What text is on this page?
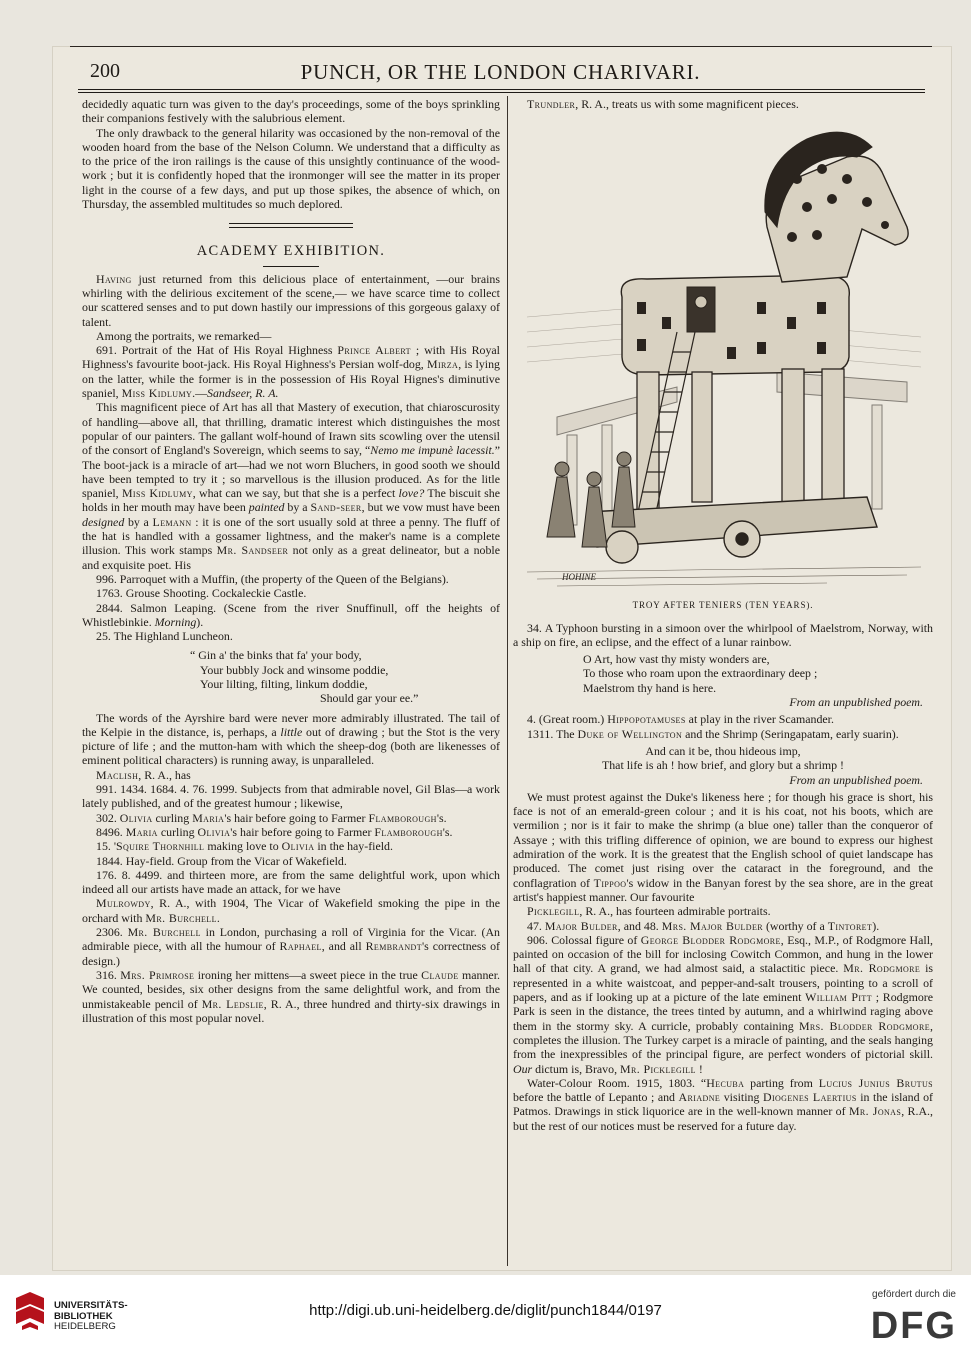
200	PUNCH, OR THE LONDON CHARIVARI.

decidedly aquatic turn was given to the day's proceedings, some of the boys sprinkling their companions festively with the salubrious element.

The only drawback to the general hilarity was occasioned by the non-removal of the wooden hoard from the base of the Nelson Column. We understand that a difficulty as to the price of the iron railings is the cause of this unsightly continuance of the wood-work ; but it is confidently hoped that the ironmonger will see the matter in its proper light in the course of a few days, and put up those spikes, the absence of which, on Thursday, the assembled multitudes so much deplored.

ACADEMY EXHIBITION.

Having just returned from this delicious place of entertainment, —our brains whirling with the delirious excitement of the scene,— we have scarce time to collect our scattered senses and to put down hastily our impressions of this gorgeous galaxy of talent.

Among the portraits, we remarked—

691. Portrait of the Hat of His Royal Highness Prince Albert ; with His Royal Highness's favourite boot-jack. His Royal Highness's Persian wolf-dog, Mirza, is lying on the latter, while the former is in the possession of His Royal Hignes's diminutive spaniel, Miss Kidlumy.—Sandseer, R. A.

This magnificent piece of Art has all that Mastery of execution, that chiaroscurosity of handling—above all, that thrilling, dramatic interest which distinguishes the most popular of our painters. The gallant wolf-hound of Irawn sits scowling over the utensil of the consort of England's Sovereign, which seems to say, “Nemo me impunè lacessit.” The boot-jack is a miracle of art—had we not worn Bluchers, in good sooth we should have been tempted to try it ; so marvellous is the illusion produced. As for the litle spaniel, Miss Kidlumy, what can we say, but that she is a perfect love? The biscuit she holds in her mouth may have been painted by a Sand-seer, but we vow must have been designed by a Lemann : it is one of the sort usually sold at three a penny. The fluff of the hat is handled with a gossamer lightness, and the maker's name is a complete illusion. This work stamps Mr. Sandseer not only as a great delineator, but a noble and exquisite poet. His

996. Parroquet with a Muffin, (the property of the Queen of the Belgians).

1763. Grouse Shooting. Cockaleckie Castle.

2844. Salmon Leaping. (Scene from the river Snuffinull, off the heights of Whistlebinkie. Morning).

25. The Highland Luncheon.

“ Gin a' the binks that fa' your body,
Your bubbly Jock and winsome poddie,
Your lilting, filting, linkum doddie,
Should gar your ee.”

The words of the Ayrshire bard were never more admirably illustrated. The tail of the Kelpie in the distance, is, perhaps, a little out of drawing ; but the Stot is the very picture of life ; and the mutton-ham with which the sheep-dog (both are likenesses of eminent political characters) is running away, is unparalleled.

Maclish, R. A., has

991. 1434. 1684. 4. 76. 1999. Subjects from that admirable novel, Gil Blas—a work lately published, and of the greatest humour ; likewise,

302. Olivia curling Maria's hair before going to Farmer Flamborough's.

8496. Maria curling Olivia's hair before going to Farmer Flamborough's.

15. 'Squire Thornhill making love to Olivia in the hay-field.

1844. Hay-field. Group from the Vicar of Wakefield.

176. 8. 4499. and thirteen more, are from the same delightful work, upon which indeed all our artists have made an attack, for we have

Mulrowdy, R. A., with 1904, The Vicar of Wakefield smoking the pipe in the orchard with Mr. Burchell.

2306. Mr. Burchell in London, purchasing a roll of Virginia for the Vicar. (An admirable piece, with all the humour of Raphael, and all Rembrandt's correctness of design.)

316. Mrs. Primrose ironing her mittens—a sweet piece in the true Claude manner. We counted, besides, six other designs from the same delightful work, and from the unmistakeable pencil of Mr. Ledslie, R. A., three hundred and thirty-six drawings in illustration of this most popular novel.

Trundler, R. A., treats us with some magnificent pieces.

HOHINE
TROY AFTER TENIERS (TEN YEARS).

34. A Typhoon bursting in a simoon over the whirlpool of Maelstrom, Norway, with a ship on fire, an eclipse, and the effect of a lunar rainbow.

O Art, how vast thy misty wonders are,
To those who roam upon the extraordinary deep ;
Maelstrom thy hand is here.
From an unpublished poem.

4. (Great room.) Hippopotamuses at play in the river Scamander.

1311. The Duke of Wellington and the Shrimp (Seringapatam, early suarin).

And can it be, thou hideous imp,
That life is ah ! how brief, and glory but a shrimp !
From an unpublished poem.

We must protest against the Duke's likeness here ; for though his grace is short, his face is not of an emerald-green colour ; and it is his coat, not his boots, which are vermilion ; nor is it fair to make the shrimp (a blue one) taller than the conqueror of Assaye ; with this trifling difference of opinion, we are bound to express our highest admiration of the work. It is the greatest that the English school of quiet landscape has produced. The comet just rising over the cataract in the foreground, and the conflagration of Tippoo's widow in the Banyan forest by the sea shore, are in the great artist's happiest manner. Our favourite

Picklegill, R. A., has fourteen admirable portraits.

47. Major Bulder, and 48. Mrs. Major Bulder (worthy of a Tintoret).

906. Colossal figure of George Blodder Rodgmore, Esq., M.P., of Rodgmore Hall, painted on occasion of the bill for inclosing Cowitch Common, and hung in the lower hall of that city. A grand, we had almost said, a stalactitic piece. Mr. Rodgmore is represented in a white waistcoat, and pepper-and-salt trousers, pointing to a scroll of papers, and as if looking up at a picture of the late eminent William Pitt ; Rodgmore Park is seen in the distance, the trees tinted by autumn, and a whirlwind raging above them in the stormy sky. A curricle, probably containing Mrs. Blodder Rodgmore, completes the illusion. The Turkey carpet is a miracle of painting, and the seals hanging from the inexpressibles of the principal figure, are perfect wonders of pictorial skill. Our dictum is, Bravo, Mr. Picklegill !

Water-Colour Room. 1915, 1803. “Hecuba parting from Lucius Junius Brutus before the battle of Lepanto ; and Ariadne visiting Diogenes Laertius in the island of Patmos. Drawings in stick liquorice are in the well-known manner of Mr. Jonas, R.A., but the rest of our notices must be reserved for a future day.

UNIVERSITÄTS-
BIBLIOTHEK
HEIDELBERG
http://digi.ub.uni-heidelberg.de/diglit/punch1844/0197
gefördert durch die
DFG
